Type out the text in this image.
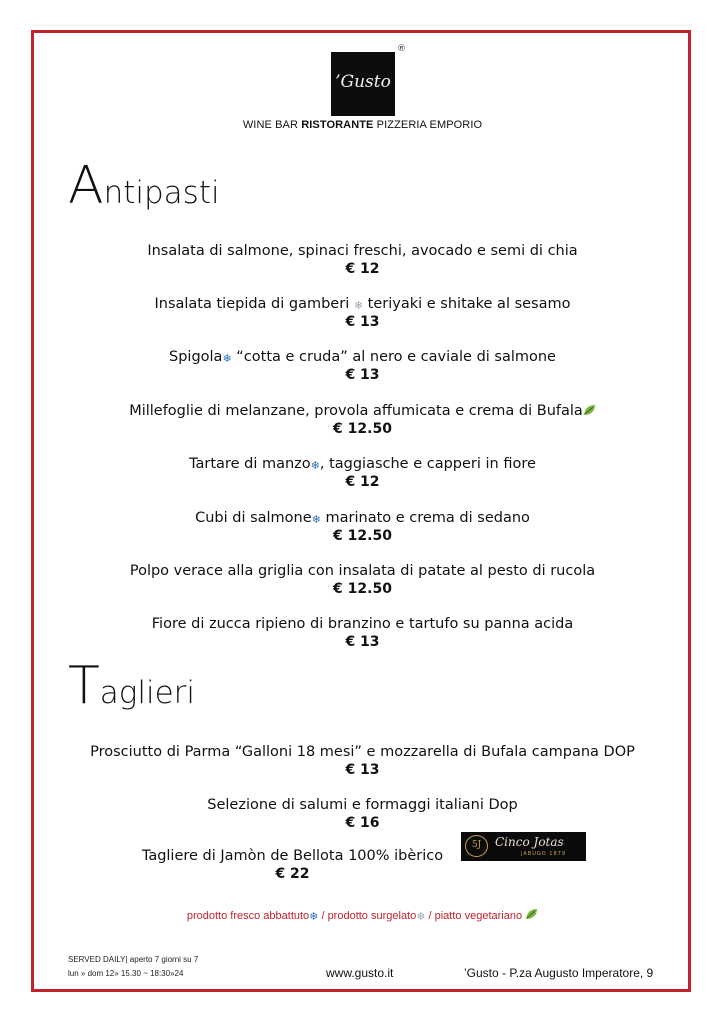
’Gusto
®
WINE BAR RISTORANTE PIZZERIA EMPORIO
Antipasti
Insalata di salmone, spinaci freschi, avocado e semi di chia
€ 12
Insalata tiepida di gamberi ❄ teriyaki e shitake al sesamo
€ 13
Spigola❄ “cotta e cruda” al nero e caviale di salmone
€ 13
Millefoglie di melanzane, provola affumicata e crema di Bufala
€ 12.50
Tartare di manzo❄, taggiasche e capperi in fiore
€ 12
Cubi di salmone❄ marinato e crema di sedano
€ 12.50
Polpo verace alla griglia con insalata di patate al pesto di rucola
€ 12.50
Fiore di zucca ripieno di branzino e tartufo su panna acida
€ 13
Taglieri
Prosciutto di Parma “Galloni 18 mesi” e mozzarella di Bufala campana DOP
€ 13
Selezione di salumi e formaggi italiani Dop
€ 16
Tagliere di Jamòn de Bellota 100% ibèrico
€ 22
5J	Cinco Jotas
JABUGO 1879
prodotto fresco abbattuto❄ / prodotto surgelato❄ / piatto vegetariano
SERVED DAILY| aperto 7 giorni su 7
lun » dom 12» 15.30 ~ 18:30»24	www.gusto.it	’Gusto - P.za Augusto Imperatore, 9
